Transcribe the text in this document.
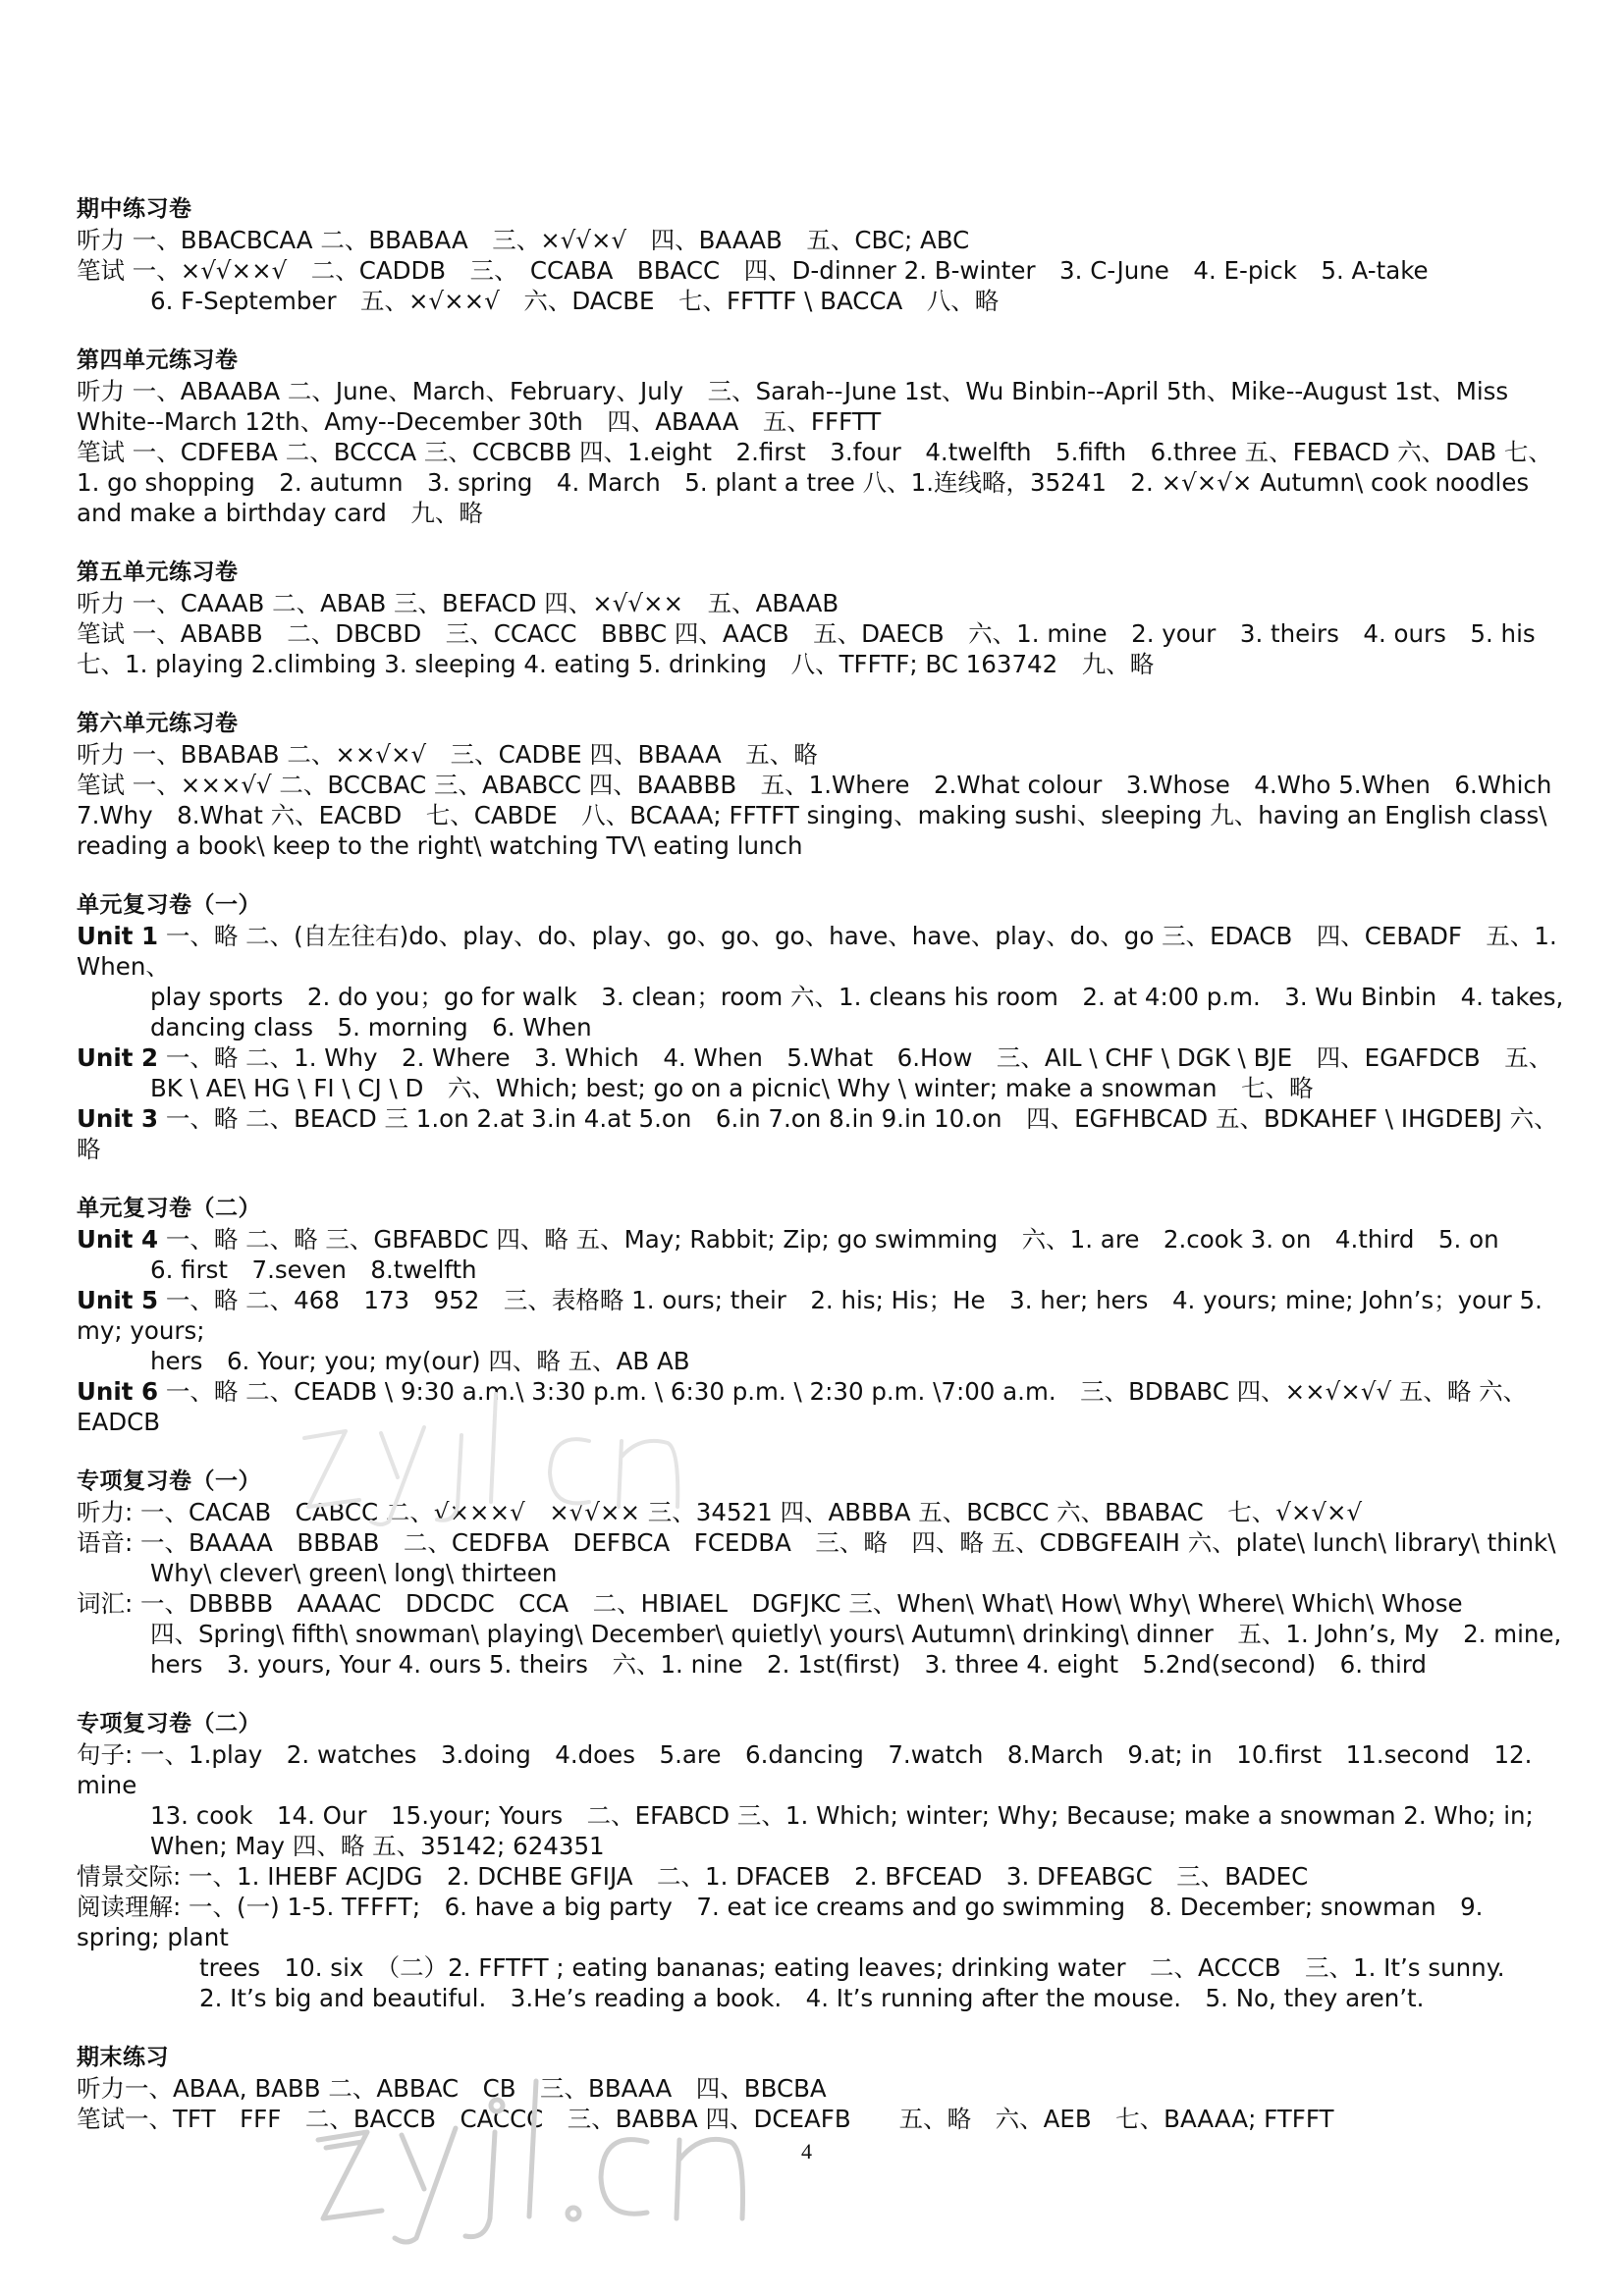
期中练习卷
听力 一、BBACBCAA 二、BBABAA　三、×√√×√　四、BAAAB　五、CBC; ABC
笔试 一、×√√××√　二、CADDB　三、　CCABA　BBACC　四、D-dinner 2. B-winter　3. C-June　4. E-pick　5. A-take
6. F-September　五、×√××√　六、DACBE　七、FFTTF \ BACCA　八、略
第四单元练习卷
听力 一、ABAABA 二、June、March、February、July　三、Sarah--June 1st、Wu Binbin--April 5th、Mike--August 1st、Miss White--March 12th、Amy--December 30th　四、ABAAA　五、FFFTT
笔试 一、CDFEBA 二、BCCCA 三、CCBCBB 四、1.eight　2.first　3.four　4.twelfth　5.fifth　6.three 五、FEBACD 六、DAB 七、1. go shopping　2. autumn　3. spring　4. March　5. plant a tree 八、1.连线略，35241　2. ×√×√× Autumn\ cook noodles and make a birthday card　九、略
第五单元练习卷
听力 一、CAAAB 二、ABAB 三、BEFACD 四、×√√××　五、ABAAB
笔试 一、ABABB　二、DBCBD　三、CCACC　BBBC 四、AACB　五、DAECB　六、1. mine　2. your　3. theirs　4. ours　5. his 七、1. playing 2.climbing 3. sleeping 4. eating 5. drinking　八、TFFTF; BC 163742　九、略
第六单元练习卷
听力 一、BBABAB 二、××√×√　三、CADBE 四、BBAAA　五、略
笔试 一、×××√√ 二、BCCBAC 三、ABABCC 四、BAABBB　五、1.Where　2.What colour　3.Whose　4.Who 5.When　6.Which 7.Why　8.What 六、EACBD　七、CABDE　八、BCAAA; FFTFT singing、making sushi、sleeping 九、having an English class\ reading a book\ keep to the right\ watching TV\ eating lunch
单元复习卷（一）
Unit 1 一、略 二、(自左往右)do、play、do、play、go、go、go、have、have、play、do、go 三、EDACB　四、CEBADF　五、1. When、
play sports　2. do you；go for walk　3. clean；room 六、1. cleans his room　2. at 4:00 p.m.　3. Wu Binbin　4. takes, dancing class　5. morning　6. When
Unit 2 一、略 二、1. Why　2. Where　3. Which　4. When　5.What　6.How　三、AIL \ CHF \ DGK \ BJE　四、EGAFDCB　五、
BK \ AE\ HG \ FI \ CJ \ D　六、Which; best; go on a picnic\ Why \ winter; make a snowman　七、略
Unit 3 一、略 二、BEACD 三 1.on 2.at 3.in 4.at 5.on　6.in 7.on 8.in 9.in 10.on　四、EGFHBCAD 五、BDKAHEF \ IHGDEBJ 六、略
单元复习卷（二）
Unit 4 一、略 二、略 三、GBFABDC 四、略 五、May; Rabbit; Zip; go swimming　六、1. are　2.cook 3. on　4.third　5. on
6. first　7.seven　8.twelfth
Unit 5 一、略 二、468　173　952　三、表格略 1. ours; their　2. his; His；He　3. her; hers　4. yours; mine; John’s；your 5. my; yours;
hers　6. Your; you; my(our) 四、略 五、AB AB
Unit 6 一、略 二、CEADB \ 9:30 a.m.\ 3:30 p.m. \ 6:30 p.m. \ 2:30 p.m. \7:00 a.m.　三、BDBABC 四、××√×√√ 五、略 六、EADCB
专项复习卷（一）
听力: 一、CACAB　CABCC 二、√×××√　×√√×× 三、34521 四、ABBBA 五、BCBCC 六、BBABAC　七、√×√×√
语音: 一、BAAAA　BBBAB　二、CEDFBA　DEFBCA　FCEDBA　三、略　四、略 五、CDBGFEAIH 六、plate\ lunch\ library\ think\
Why\ clever\ green\ long\ thirteen
词汇: 一、DBBBB　AAAAC　DDCDC　CCA　二、HBIAEL　DGFJKC 三、When\ What\ How\ Why\ Where\ Which\ Whose
四、Spring\ fifth\ snowman\ playing\ December\ quietly\ yours\ Autumn\ drinking\ dinner　五、1. John’s, My　2. mine, hers　3. yours, Your 4. ours 5. theirs　六、1. nine　2. 1st(first)　3. three 4. eight　5.2nd(second)　6. third
专项复习卷（二）
句子: 一、1.play　2. watches　3.doing　4.does　5.are　6.dancing　7.watch　8.March　9.at; in　10.first　11.second　12. mine
13. cook　14. Our　15.your; Yours　二、EFABCD 三、1. Which; winter; Why; Because; make a snowman 2. Who; in; When; May 四、略 五、35142; 624351
情景交际: 一、1. IHEBF ACJDG　2. DCHBE GFIJA　二、1. DFACEB　2. BFCEAD　3. DFEABGC　三、BADEC
阅读理解: 一、(一) 1-5. TFFFT;　6. have a big party　7. eat ice creams and go swimming　8. December; snowman　9. spring; plant
trees　10. six　（二）2. FFTFT ; eating bananas; eating leaves; drinking water　二、ACCCB　三、1. It’s sunny.
2. It’s big and beautiful.　3.He’s reading a book.　4. It’s running after the mouse.　5. No, they aren’t.
期末练习
听力一、ABAA, BABB 二、ABBAC　CB　三、BBAAA　四、BBCBA
笔试一、TFT　FFF　二、BACCB　CACCC　三、BABBA 四、DCEAFB　　五、略　六、AEB　七、BAAAA; FTFFT
4
